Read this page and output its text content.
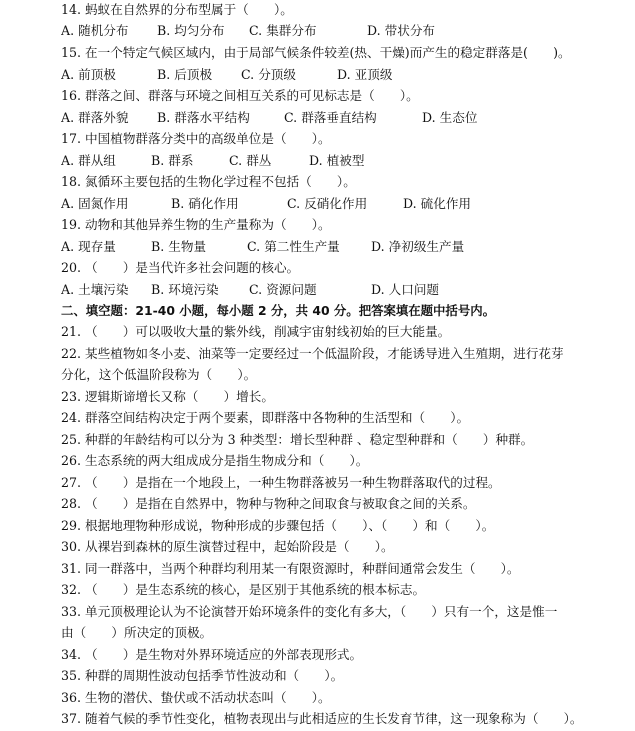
14. 蚂蚁在自然界的分布型属于（　　）。
A. 随机分布 B. 均匀分布 C. 集群分布	D. 带状分布
15. 在一个特定气候区域内，由于局部气候条件较差(热、干燥)而产生的稳定群落是(　　)。
A. 前顶极	B. 后顶极 C. 分顶级	D. 亚顶级
16. 群落之间、群落与环境之间相互关系的可见标志是（　　）。
A. 群落外貌 B. 群落水平结构	C. 群落垂直结构	D. 生态位
17. 中国植物群落分类中的高级单位是（　　）。
A. 群从组	B. 群系	C. 群丛	D. 植被型
18. 氮循环主要包括的生物化学过程不包括（　　）。
A. 固氮作用	B. 硝化作用	C. 反硝化作用	D. 硫化作用
19. 动物和其他异养生物的生产量称为（　　）。
A. 现存量	B. 生物量	C. 第二性生产量 D. 净初级生产量
20. （　　）是当代许多社会问题的核心。
A. 土壤污染 B. 环境污染 C. 资源问题	D. 人口问题
二、填空题：21-40 小题，每小题 2 分，共 40 分。把答案填在题中括号内。
21. （　　）可以吸收大量的紫外线，削减宇宙射线初始的巨大能量。
22. 某些植物如冬小麦、油菜等一定要经过一个低温阶段，才能诱导进入生殖期，进行花芽
分化，这个低温阶段称为（　　）。
23. 逻辑斯谛增长又称（　　）增长。
24. 群落空间结构决定于两个要素，即群落中各物种的生活型和（　　）。
25. 种群的年龄结构可以分为 3 种类型：增长型种群 、稳定型种群和（　　）种群。
26. 生态系统的两大组成成分是指生物成分和（　　）。
27. （　　）是指在一个地段上，一种生物群落被另一种生物群落取代的过程。
28. （　　）是指在自然界中，物种与物种之间取食与被取食之间的关系。
29. 根据地理物种形成说，物种形成的步骤包括（　　）、（　　）和（　　）。
30. 从裸岩到森林的原生演替过程中，起始阶段是（　　）。
31. 同一群落中，当两个种群均利用某一有限资源时，种群间通常会发生（　　）。
32. （　　）是生态系统的核心，是区别于其他系统的根本标志。
33. 单元顶极理论认为不论演替开始环境条件的变化有多大，（　　）只有一个，这是惟一
由（　　）所决定的顶极。
34. （　　）是生物对外界环境适应的外部表现形式。
35. 种群的周期性波动包括季节性波动和（　　）。
36. 生物的潜伏、蛰伏或不活动状态叫（　　）。
37. 随着气候的季节性变化，植物表现出与此相适应的生长发育节律，这一现象称为（　　）。
